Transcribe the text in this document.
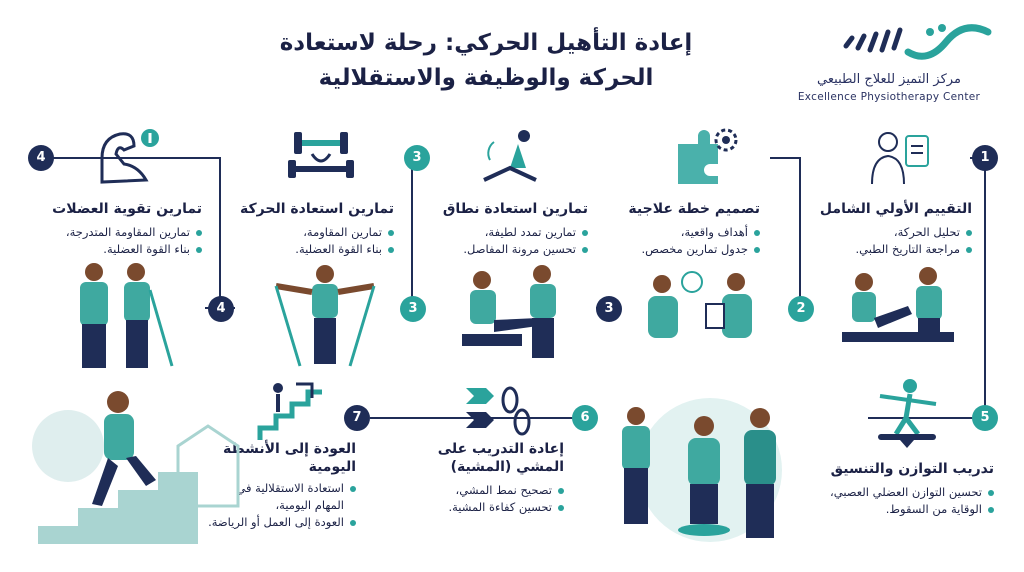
إعادة التأهيل الحركي: رحلة لاستعادة
الحركة والوظيفة والاستقلالية	مركز التميز للعلاج الطبيعي
Excellence Physiotherapy Center
1
4	3
2
3
3
4
5
6
7
التقييم الأولي الشامل
تحليل الحركة،
مراجعة التاريخ الطبي.
تصميم خطة علاجية
أهداف واقعية،
جدول تمارين مخصص.
تمارين استعادة نطاق
تمارين تمدد لطيفة،
تحسين مرونة المفاصل.
تمارين استعادة الحركة
تمارين المقاومة،
بناء القوة العضلية.
تمارين تقوية العضلات
تمارين المقاومة المتدرجة،
بناء القوة العضلية.
تدريب التوازن والتنسيق
تحسين التوازن العضلي العصبي،
الوقاية من السقوط.
إعادة التدريب على المشي (المشية)
تصحيح نمط المشي،
تحسين كفاءة المشية.
العودة إلى الأنشطة اليومية
استعادة الاستقلالية في المهام اليومية،
العودة إلى العمل أو الرياضة.
